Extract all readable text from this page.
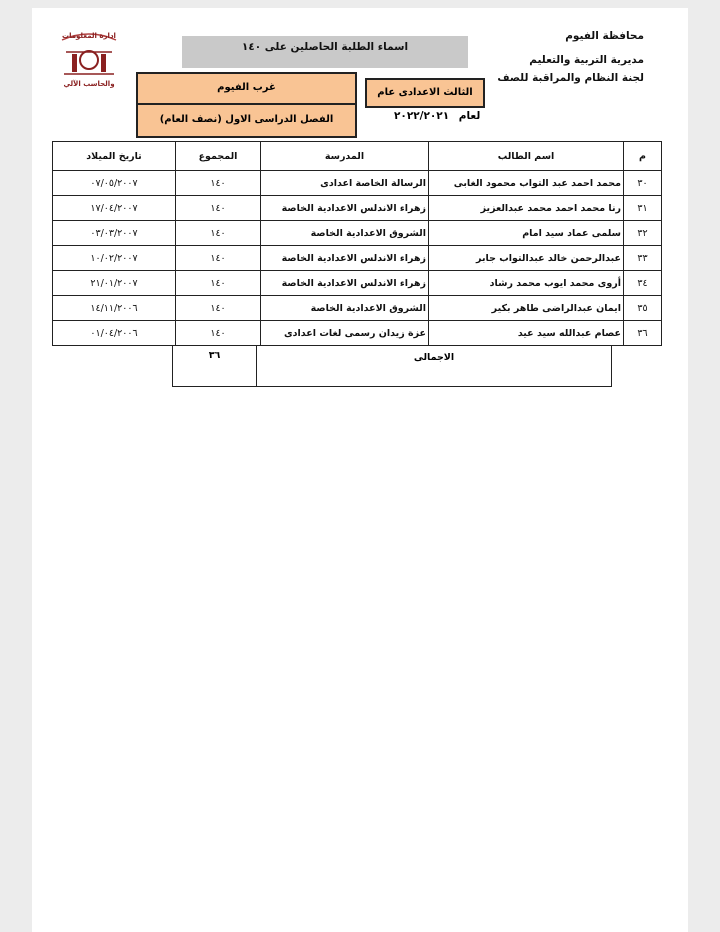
ادارة المعلومات
والحاسب الآلي
محافظة الفيوم
مديرية التربية والتعليم
لجنة النظام والمراقبة للصف
اسماء الطلبة الحاصلين على ١٤٠
غرب الفيوم
الفصل الدراسى الاول (نصف العام)
الثالث الاعدادى عام
لعام ٢٠٢٢/٢٠٢١
م	اسم الطالب	المدرسة	المجموع	تاريخ الميلاد
٣٠	محمد احمد عبد التواب محمود الغابى	الرسالة الخاصة اعدادى	١٤٠	٠٧/٠٥/٢٠٠٧
٣١	رنا محمد احمد محمد عبدالعزيز	زهراء الاندلس الاعدادية الخاصة	١٤٠	١٧/٠٤/٢٠٠٧
٣٢	سلمى عماد سيد امام	الشروق الاعدادية الخاصة	١٤٠	٠٣/٠٣/٢٠٠٧
٣٣	عبدالرحمن خالد عبدالتواب جابر	زهراء الاندلس الاعدادية الخاصة	١٤٠	١٠/٠٢/٢٠٠٧
٣٤	أروى محمد ايوب محمد رشاد	زهراء الاندلس الاعدادية الخاصة	١٤٠	٢١/٠١/٢٠٠٧
٣٥	ايمان عبدالراضى طاهر بكير	الشروق الاعدادية الخاصة	١٤٠	١٤/١١/٢٠٠٦
٣٦	عصام عبدالله سيد عيد	عزة زيدان رسمى لغات اعدادى	١٤٠	٠١/٠٤/٢٠٠٦
الاجمالى	٣٦
